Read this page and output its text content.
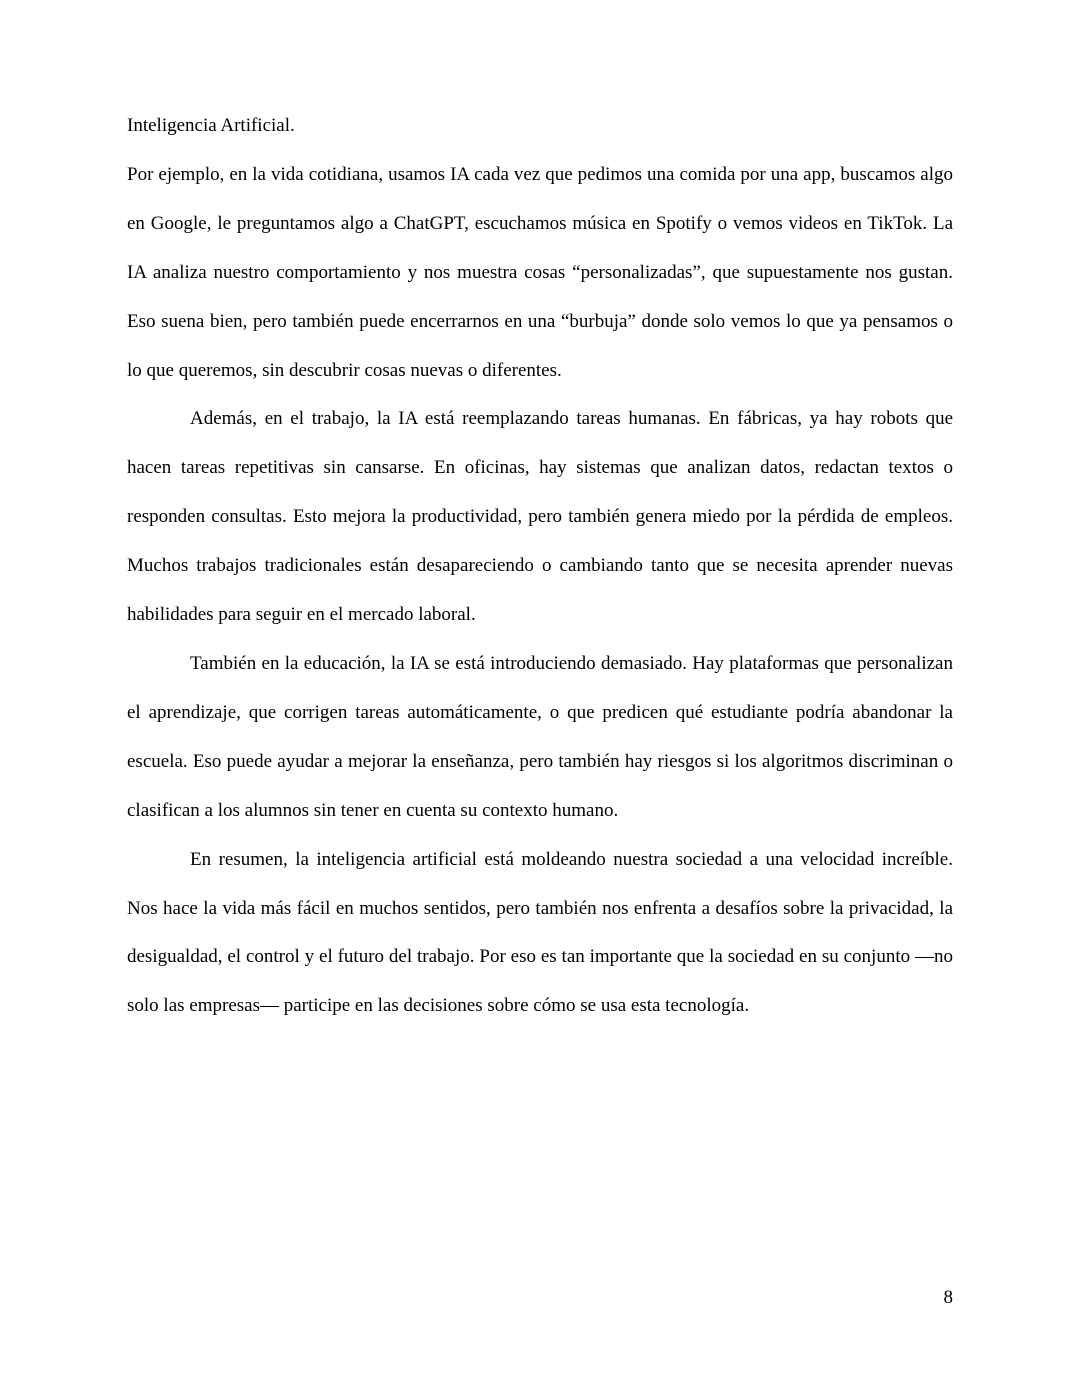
Inteligencia Artificial.

Por ejemplo, en la vida cotidiana, usamos IA cada vez que pedimos una comida por una app, buscamos algo en Google, le preguntamos algo a ChatGPT, escuchamos música en Spotify o vemos videos en TikTok. La IA analiza nuestro comportamiento y nos muestra cosas “personalizadas”, que supuestamente nos gustan. Eso suena bien, pero también puede encerrarnos en una “burbuja” donde solo vemos lo que ya pensamos o lo que queremos, sin descubrir cosas nuevas o diferentes.

Además, en el trabajo, la IA está reemplazando tareas humanas. En fábricas, ya hay robots que hacen tareas repetitivas sin cansarse. En oficinas, hay sistemas que analizan datos, redactan textos o responden consultas. Esto mejora la productividad, pero también genera miedo por la pérdida de empleos. Muchos trabajos tradicionales están desapareciendo o cambiando tanto que se necesita aprender nuevas habilidades para seguir en el mercado laboral.

También en la educación, la IA se está introduciendo demasiado. Hay plataformas que personalizan el aprendizaje, que corrigen tareas automáticamente, o que predicen qué estudiante podría abandonar la escuela. Eso puede ayudar a mejorar la enseñanza, pero también hay riesgos si los algoritmos discriminan o clasifican a los alumnos sin tener en cuenta su contexto humano.

En resumen, la inteligencia artificial está moldeando nuestra sociedad a una velocidad increíble. Nos hace la vida más fácil en muchos sentidos, pero también nos enfrenta a desafíos sobre la privacidad, la desigualdad, el control y el futuro del trabajo. Por eso es tan importante que la sociedad en su conjunto —no solo las empresas— participe en las decisiones sobre cómo se usa esta tecnología.

8
